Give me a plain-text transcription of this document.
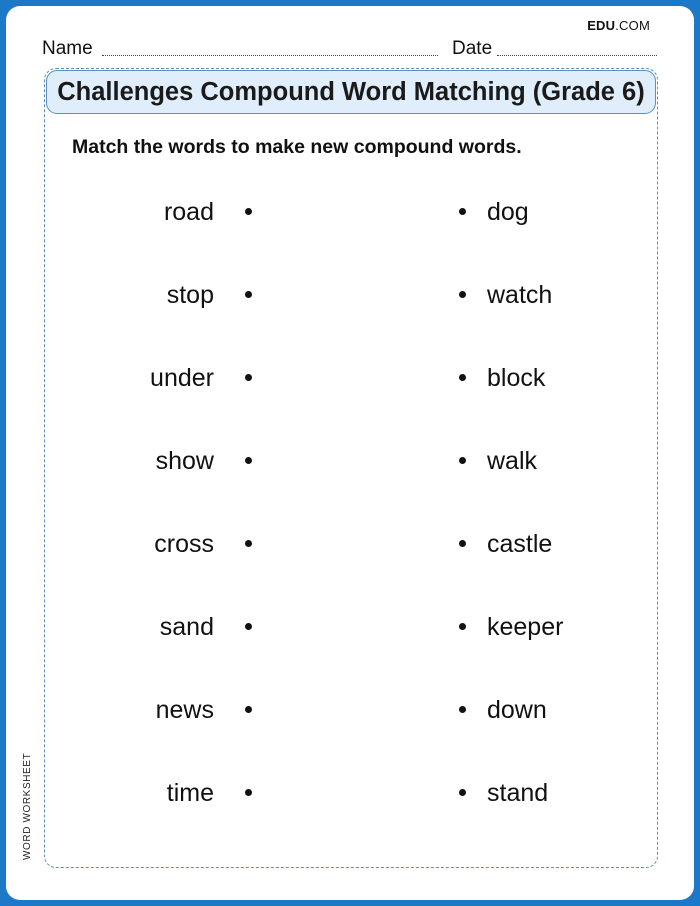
EDU.COM
Name	Date
Challenges Compound Word Matching (Grade 6)
Match the words to make new compound words.
road	dog
stop	watch
under	block
show	walk
cross	castle
sand	keeper
news	down
time	stand
WORD WORKSHEET
